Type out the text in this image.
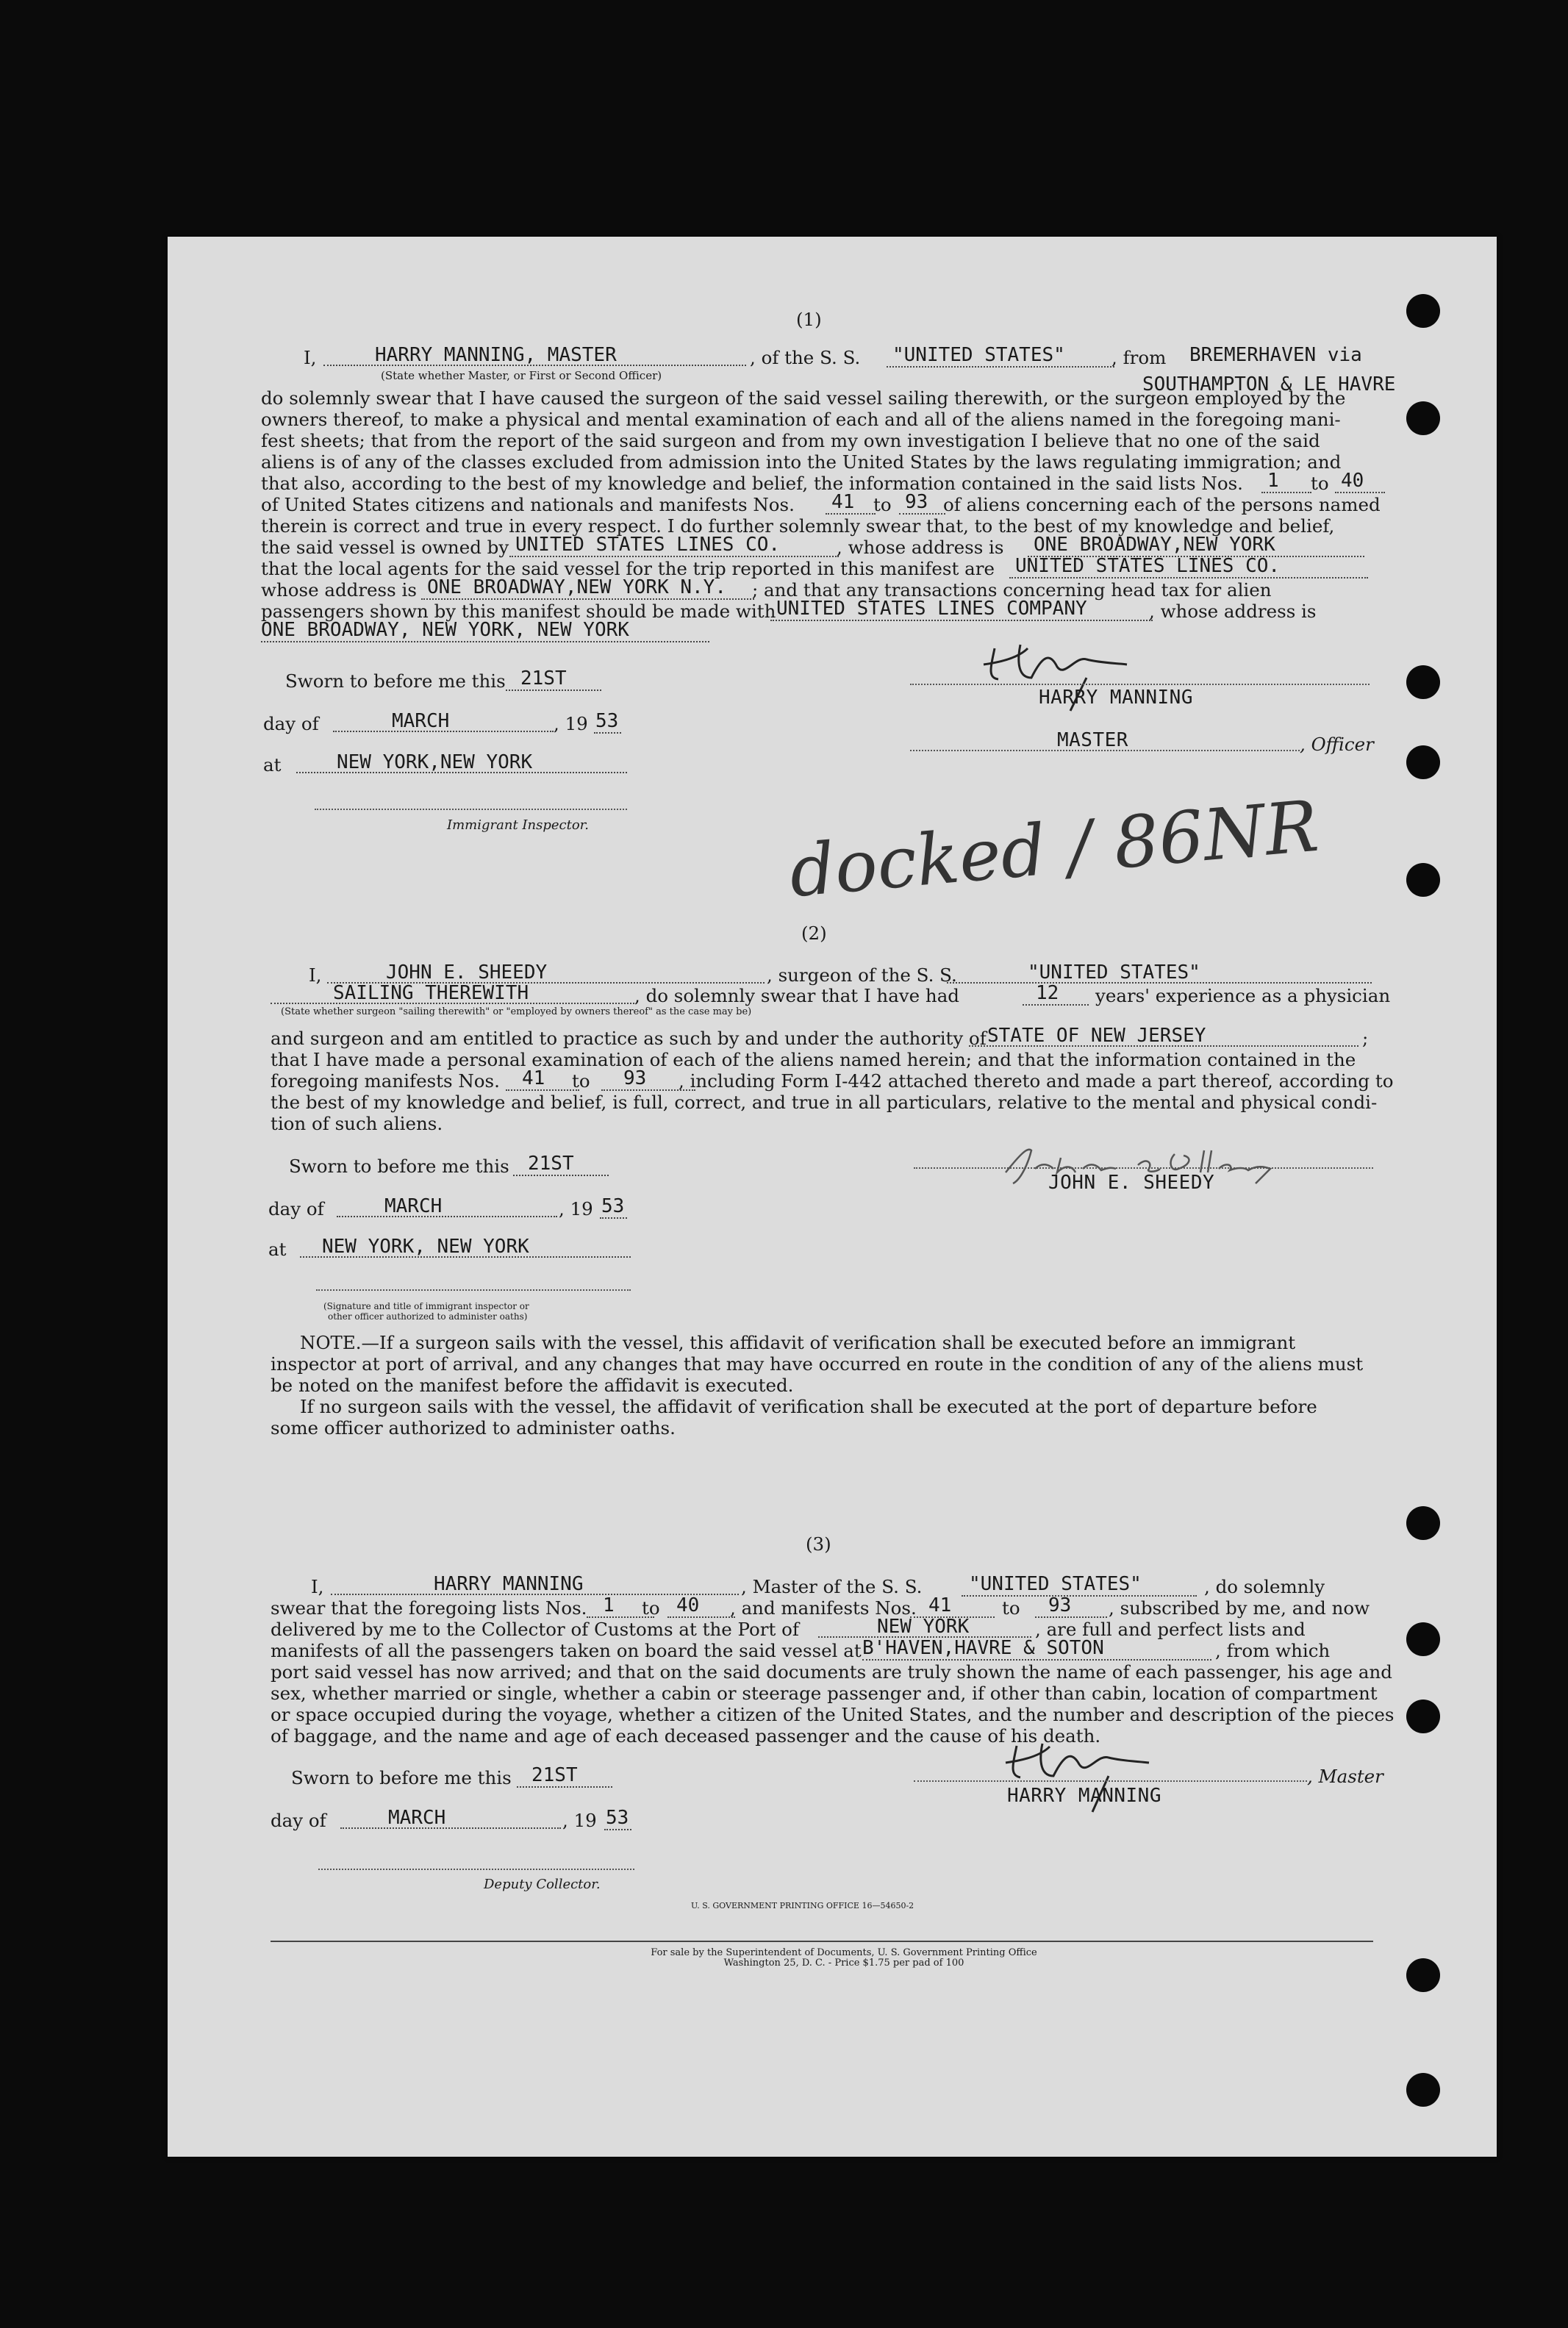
(1)
I,	HARRY MANNING, MASTER
(State whether Master, or First or Second Officer)
, of the S. S.	"UNITED STATES"	, from	BREMERHAVEN via
SOUTHAMPTON & LE HAVRE
do solemnly swear that I have caused the surgeon of the said vessel sailing therewith, or the surgeon employed by the
owners thereof, to make a physical and mental examination of each and all of the aliens named in the foregoing mani-
fest sheets; that from the report of the said surgeon and from my own investigation I believe that no one of the said
aliens is of any of the classes excluded from admission into the United States by the laws regulating immigration; and
that also, according to the best of my knowledge and belief, the information contained in the said lists Nos.	1	to 40
of United States citizens and nationals and manifests Nos.	41	to 93 of aliens concerning each of the persons named
therein is correct and true in every respect. I do further solemnly swear that, to the best of my knowledge and belief,
the said vessel is owned by UNITED STATES LINES CO.	, whose address is	ONE BROADWAY,NEW YORK
that the local agents for the said vessel for the trip reported in this manifest are	UNITED STATES LINES CO.
whose address is ONE BROADWAY,NEW YORK N.Y.	; and that any transactions concerning head tax for alien
passengers shown by this manifest should be made with UNITED STATES LINES COMPANY	, whose address is
ONE BROADWAY, NEW YORK, NEW YORK
Sworn to before me this 21ST
day of	MARCH	, 19 53
at	NEW YORK,NEW YORK
Immigrant Inspector.
HARRY MANNING
MASTER	, Officer
docked / 86NR
(2)
I,	JOHN E. SHEEDY	, surgeon of the S. S.	"UNITED STATES"
SAILING THEREWITH
(State whether surgeon "sailing therewith" or "employed by owners thereof" as the case may be)
, do solemnly swear that I have had	12	years' experience as a physician
and surgeon and am entitled to practice as such by and under the authority of STATE OF NEW JERSEY	;
that I have made a personal examination of each of the aliens named herein; and that the information contained in the
foregoing manifests Nos.	41	to	93	, including Form I-442 attached thereto and made a part thereof, according to
the best of my knowledge and belief, is full, correct, and true in all particulars, relative to the mental and physical condi-
tion of such aliens.
Sworn to before me this 21ST
day of	MARCH	, 19 53
at	NEW YORK, NEW YORK
(Signature and title of immigrant inspector or
other officer authorized to administer oaths)
JOHN E. SHEEDY
NOTE.—If a surgeon sails with the vessel, this affidavit of verification shall be executed before an immigrant
inspector at port of arrival, and any changes that may have occurred en route in the condition of any of the aliens must
be noted on the manifest before the affidavit is executed.
If no surgeon sails with the vessel, the affidavit of verification shall be executed at the port of departure before
some officer authorized to administer oaths.
(3)
I,	HARRY MANNING	, Master of the S. S.	"UNITED STATES"	, do solemnly
swear that the foregoing lists Nos. 1	to 40	, and manifests Nos. 41	to	93	, subscribed by me, and now
delivered by me to the Collector of Customs at the Port of	NEW YORK	, are full and perfect lists and
manifests of all the passengers taken on board the said vessel at B'HAVEN,HAVRE & SOTON	, from which
port said vessel has now arrived; and that on the said documents are truly shown the name of each passenger, his age and
sex, whether married or single, whether a cabin or steerage passenger and, if other than cabin, location of compartment
or space occupied during the voyage, whether a citizen of the United States, and the number and description of the pieces
of baggage, and the name and age of each deceased passenger and the cause of his death.
Sworn to before me this	21ST
day of	MARCH	, 19 53
Deputy Collector.
, Master
HARRY MANNING
U. S. GOVERNMENT PRINTING OFFICE 16—54650-2
For sale by the Superintendent of Documents, U. S. Government Printing Office
Washington 25, D. C. - Price $1.75 per pad of 100
